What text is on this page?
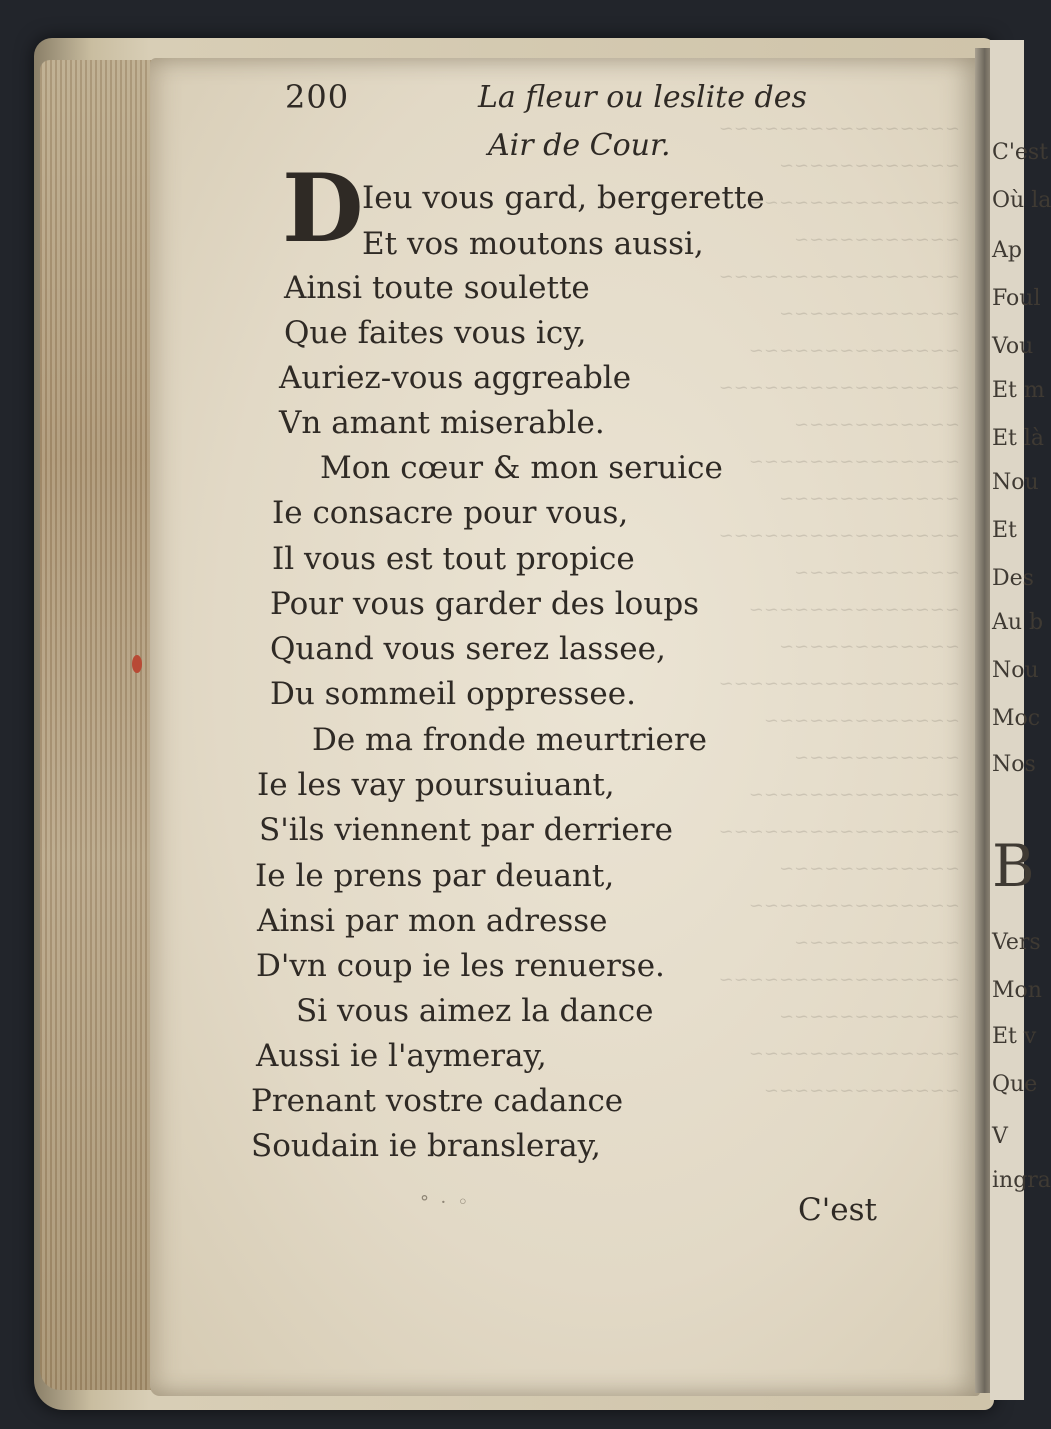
~~~~~~~~~~~~~~~~
~~~~~~~~~~~~
~~~~~~~~~~~~~~
~~~~~~~~~~~
~~~~~~~~~~~~~~~~
~~~~~~~~~~~~
~~~~~~~~~~~~~~
~~~~~~~~~~~~~~~~
~~~~~~~~~~~
~~~~~~~~~~~~~~
~~~~~~~~~~~~
~~~~~~~~~~~~~~~~
~~~~~~~~~~~
~~~~~~~~~~~~~~
~~~~~~~~~~~~
~~~~~~~~~~~~~~~~
~~~~~~~~~~~~~
~~~~~~~~~~~
~~~~~~~~~~~~~~
~~~~~~~~~~~~~~~~
~~~~~~~~~~~~
~~~~~~~~~~~~~~
~~~~~~~~~~~
~~~~~~~~~~~~~~~~
~~~~~~~~~~~~
~~~~~~~~~~~~~~
~~~~~~~~~~~~~
C'est
Où la
Ap
Foul
Vou
Et m
Et là
Nou
Et
Des
Au b
Nou
Moc
Nos
B
Vers
Mon
Et v
Que
V
ingra
200	La fleur ou leslite des
Air de Cour.
D
Ieu vous gard, bergerette
Et vos moutons aussi,
Ainsi toute soulette
Que faites vous icy,
Auriez-vous aggreable
Vn amant miserable.
Mon cœur & mon seruice
Ie consacre pour vous,
Il vous est tout propice
Pour vous garder des loups
Quand vous serez lassee,
Du sommeil oppressee.
De ma fronde meurtriere
Ie les vay poursuiuant,
S'ils viennent par derriere
Ie le prens par deuant,
Ainsi par mon adresse
D'vn coup ie les renuerse.
Si vous aimez la dance
Aussi ie l'aymeray,
Prenant vostre cadance
Soudain ie bransleray,
°  ·  ◦	C'est
